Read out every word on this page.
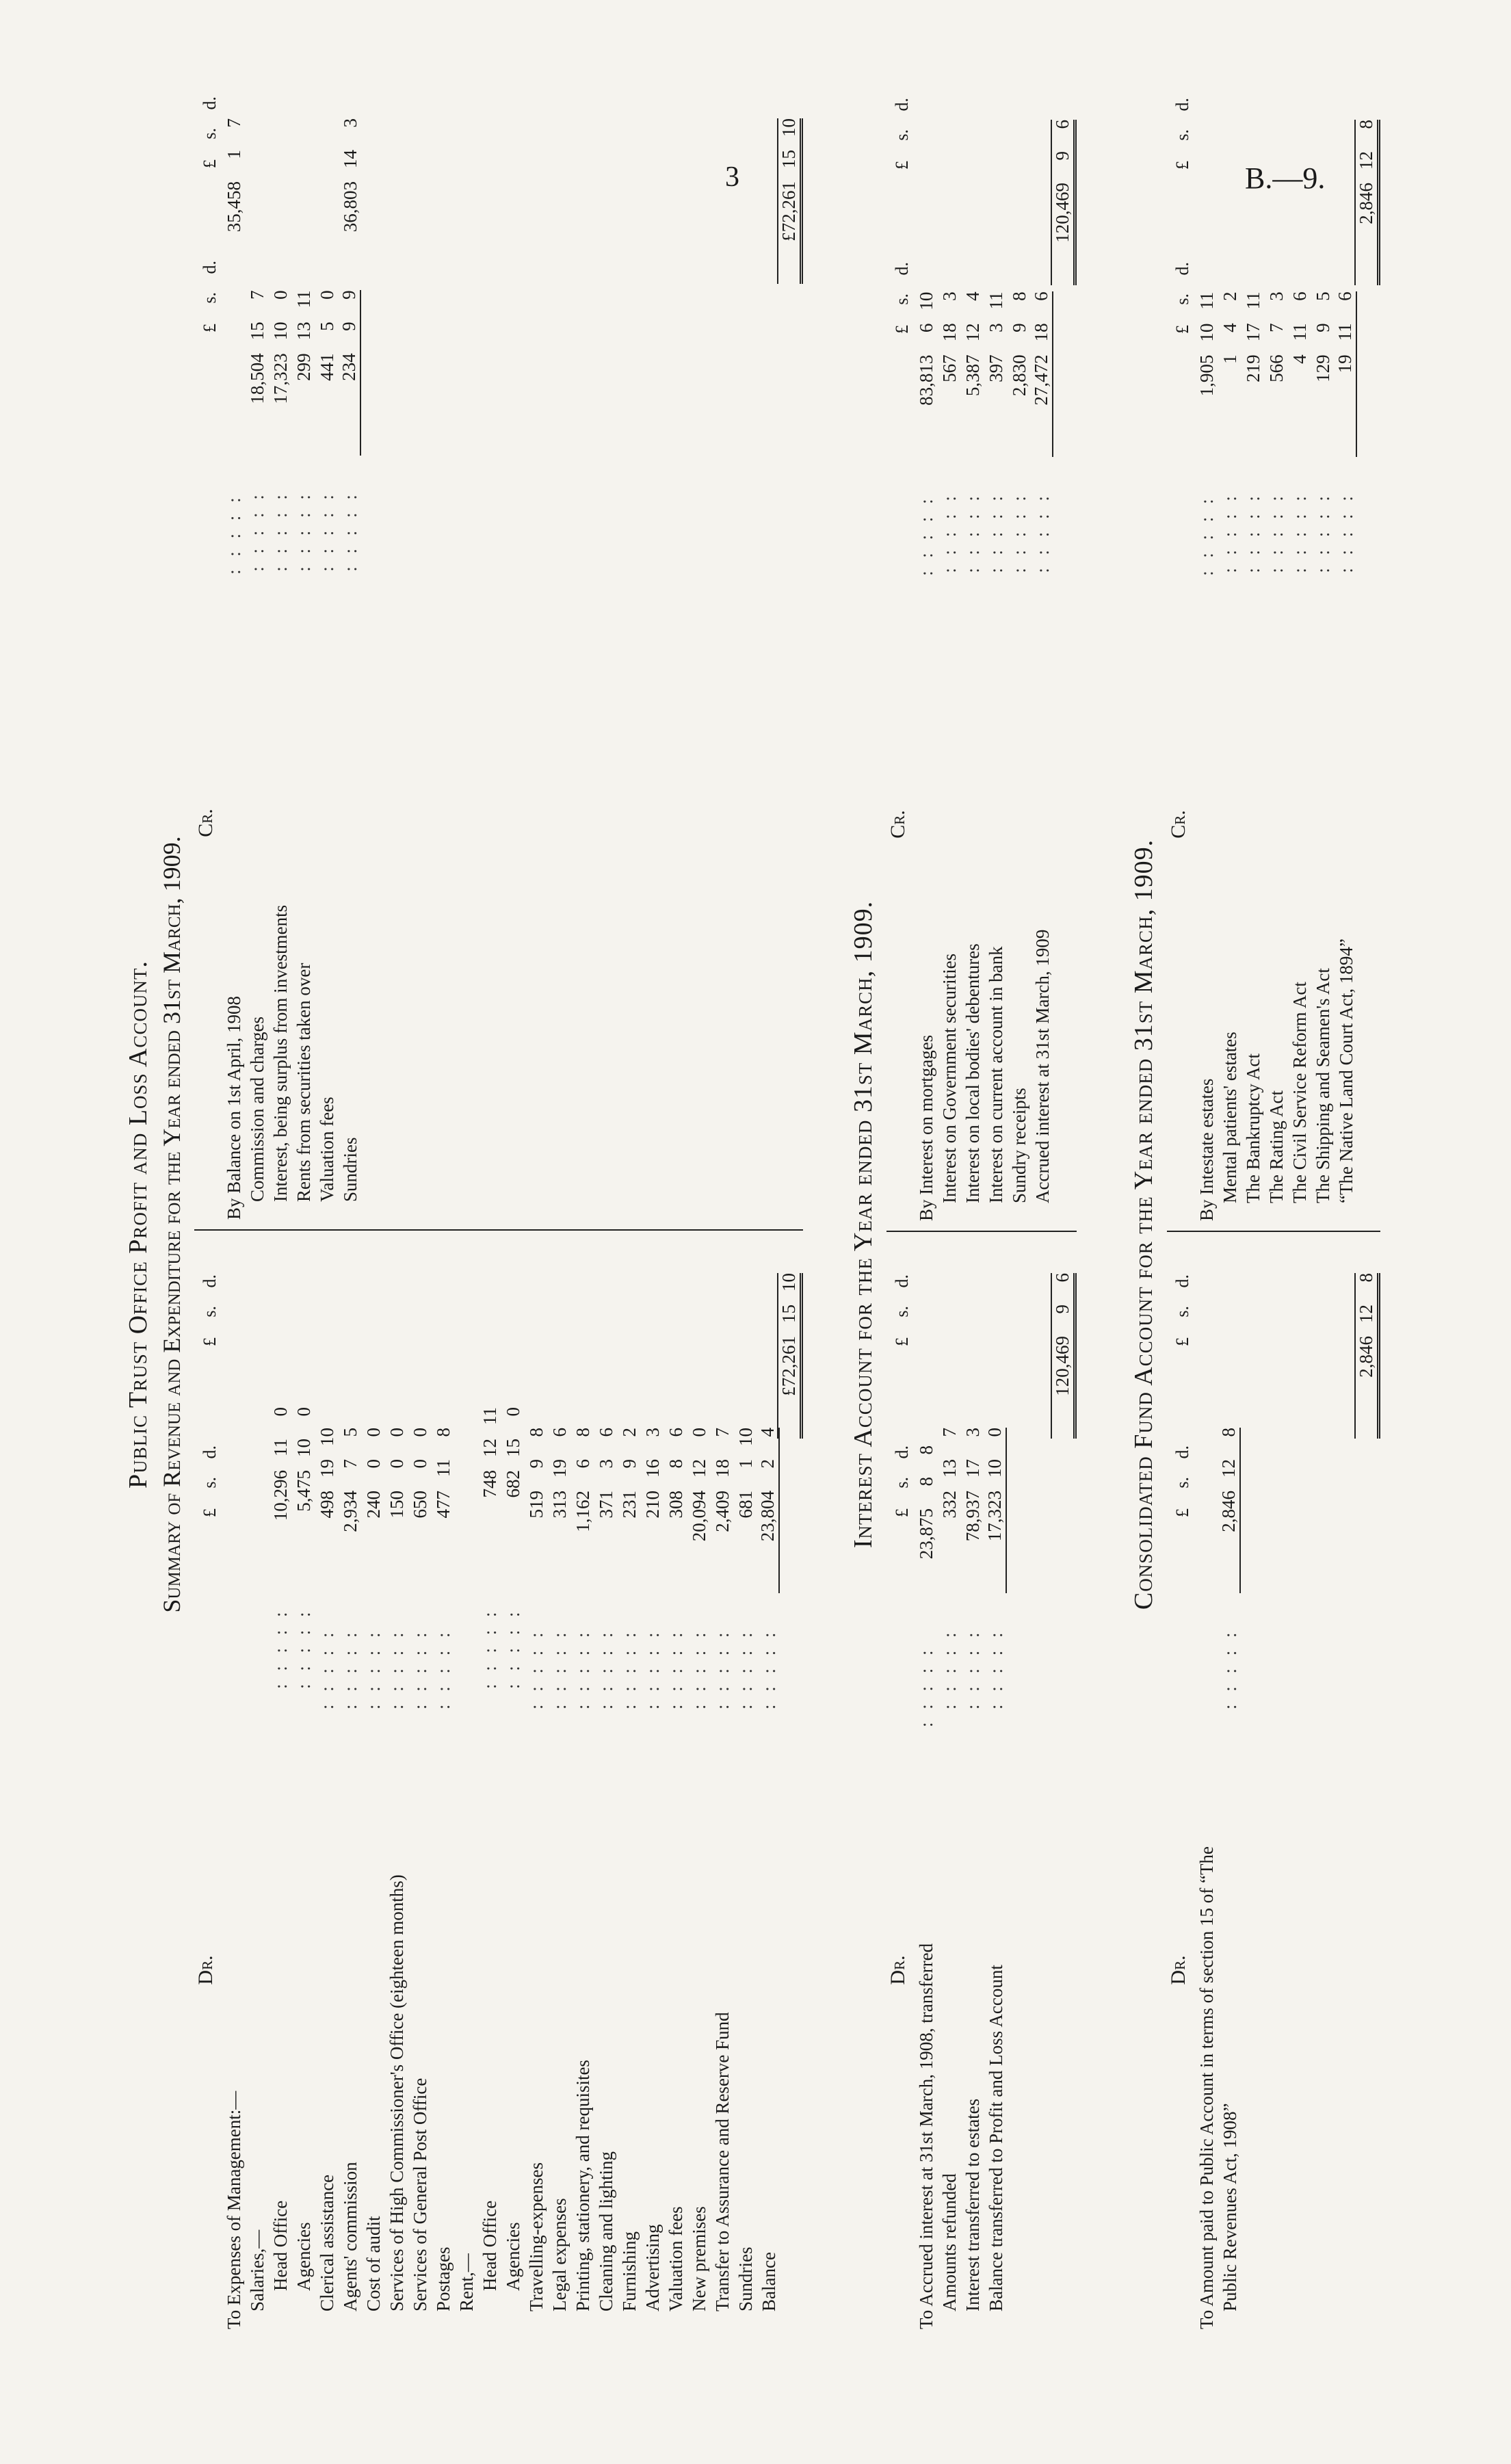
3	B.—9.
Public Trust Office Profit and Loss Account. Summary of Revenue and Expenditure for the Year ended 31st March, 1909.
Dr.
£
s.
d.
£
s.
d.
To Expenses of Management:— Salaries,— Head Office
: : : : :
10,296
11
0
Agencies
: : : : :
5,475
10
0
Clerical assistance
: : : : :
498
19
10
Agents' commission
: : : : :
2,934
7
5
Cost of audit
: : : : :
240
0
0
Services of High Commissioner's Office (eighteen months)
: : : : :
150
0
0
Services of General Post Office
: : : : :
650
0
0
Postages
: : : : :
477
11
8
Rent,— Head Office
: : : : :
748
12
11
Agencies
: : : : :
682
15
0
Travelling-expenses
: : : : :
519
9
8
Legal expenses
: : : : :
313
19
6
Printing, stationery, and requisites
: : : : :
1,162
6
8
Cleaning and lighting
: : : : :
371
3
6
Furnishing
: : : : :
231
9
2
Advertising
: : : : :
210
16
3
Valuation fees
: : : : :
308
8
6
New premises
: : : : :
20,094
12
0
Transfer to Assurance and Reserve Fund
: : : : :
2,409
18
7
Sundries
: : : : :
681
1
10
Balance
: : : : :
23,804
2
4
£72,261
15
10
Cr.
£
s.
d.
£
s.
d.
By Balance on 1st April, 1908
: : : : :
35,458
1
7
Commission and charges
: : : : :
18,504
15
7
Interest, being surplus from investments
: : : : :
17,323
10
0
Rents from securities taken over
: : : : :
299
13
11
Valuation fees
: : : : :
441
5
0
Sundries
: : : : :
234
9
9
36,803
14
3
£72,261
15
10
Interest Account for the Year ended 31st March, 1909.
Dr.
£
s.
d.
£
s.
d.
To Accrued interest at 31st March, 1908, transferred
: : : : :
23,875
8
8
Amounts refunded
: : : : :
332
13
7
Interest transferred to estates
: : : : :
78,937
17
3
Balance transferred to Profit and Loss Account
: : : : :
17,323
10
0
120,469
9
6
Cr.
£
s.
d.
£
s.
d.
By Interest on mortgages
: : : : :
83,813
6
10
Interest on Government securities
: : : : :
567
18
3
Interest on local bodies' debentures
: : : : :
5,387
12
4
Interest on current account in bank
: : : : :
397
3
11
Sundry receipts
: : : : :
2,830
9
8
Accrued interest at 31st March, 1909
: : : : :
27,472
18
6
120,469
9
6
Consolidated Fund Account for the Year ended 31st March, 1909.
Dr.
£
s.
d.
£
s.
d.
To Amount paid to Public Account in terms of section 15 of “The Public Revenues Act, 1908”
: : : : :
2,846
12
8
2,846
12
8
Cr.
£
s.
d.
£
s.
d.
By Intestate estates
: : : : :
1,905
10
11
Mental patients' estates
: : : : :
1
4
2
The Bankruptcy Act
: : : : :
219
17
11
The Rating Act
: : : : :
566
7
3
The Civil Service Reform Act
: : : : :
4
11
6
The Shipping and Seamen's Act
: : : : :
129
9
5
“The Native Land Court Act, 1894”
: : : : :
19
11
6
2,846
12
8
